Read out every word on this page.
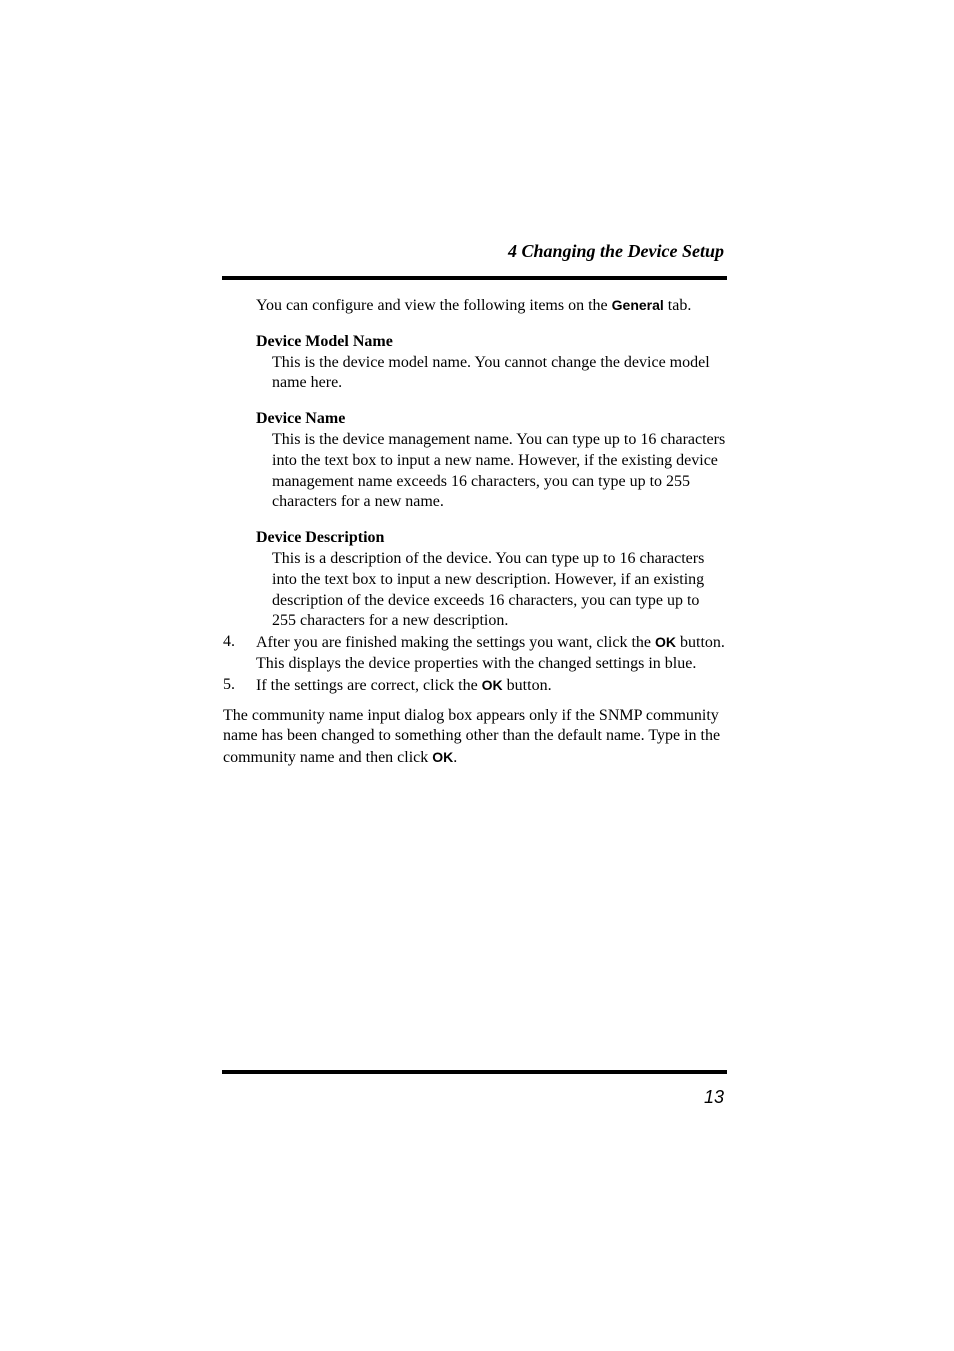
4 Changing the Device Setup
You can configure and view the following items on the General tab.
Device Model Name
This is the device model name. You cannot change the device model name here.
Device Name
This is the device management name. You can type up to 16 characters into the text box to input a new name. However, if the existing device management name exceeds 16 characters, you can type up to 255 characters for a new name.
Device Description
This is a description of the device. You can type up to 16 characters into the text box to input a new description. However, if an existing description of the device exceeds 16 characters, you can type up to 255 characters for a new description.
4. After you are finished making the settings you want, click the OK button. This displays the device properties with the changed settings in blue.
5. If the settings are correct, click the OK button.
The community name input dialog box appears only if the SNMP community name has been changed to something other than the default name. Type in the community name and then click OK.
13
